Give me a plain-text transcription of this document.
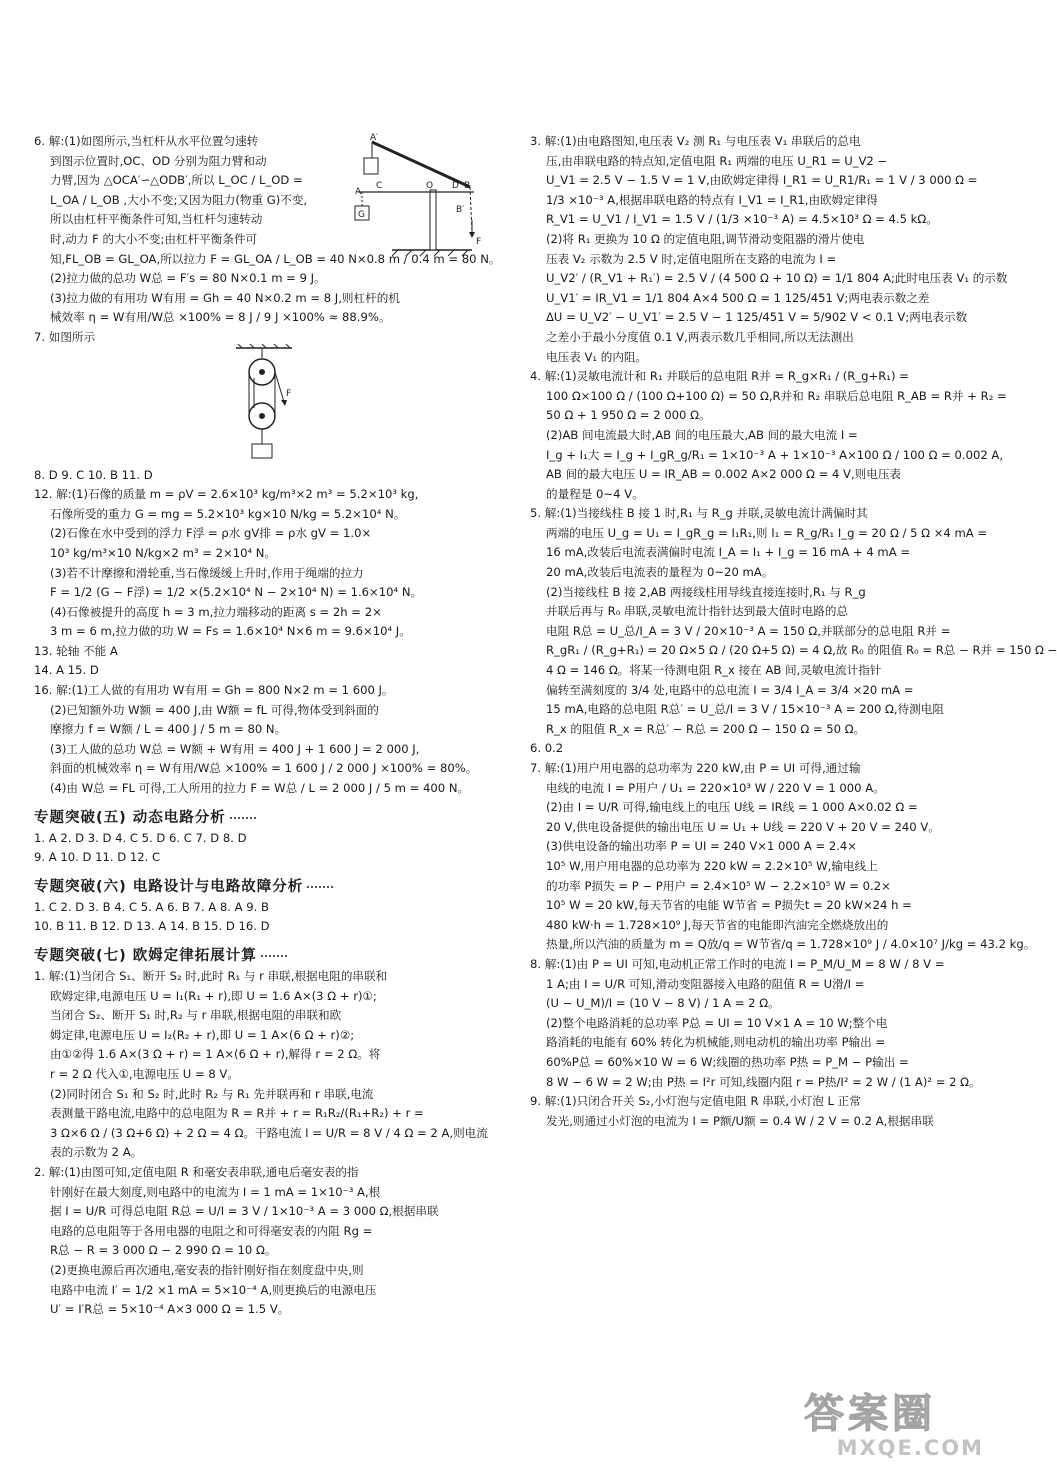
6. 解:(1)如图所示,当杠杆从水平位置匀速转
到图示位置时,OC、OD 分别为阻力臂和动
力臂,因为 △OCA′∽△ODB′,所以 L_OC / L_OD =
L_OA / L_OB ,大小不变;又因为阻力(物重 G)不变,
所以由杠杆平衡条件可知,当杠杆匀速转动
时,动力 F 的大小不变;由杠杆平衡条件可
A′
O
C	D B
B′
F
G
A
知,FL_OB = GL_OA,所以拉力 F = GL_OA / L_OB = 40 N×0.8 m / 0.4 m = 80 N。
(2)拉力做的总功 W总 = F′s = 80 N×0.1 m = 9 J。
(3)拉力做的有用功 W有用 = Gh = 40 N×0.2 m = 8 J,则杠杆的机
械效率 η = W有用/W总 ×100% = 8 J / 9 J ×100% ≈ 88.9%。
7. 如图所示
F
8. D 9. C 10. B 11. D
12. 解:(1)石像的质量 m = ρV = 2.6×10³ kg/m³×2 m³ = 5.2×10³ kg,
石像所受的重力 G = mg = 5.2×10³ kg×10 N/kg = 5.2×10⁴ N。
(2)石像在水中受到的浮力 F浮 = ρ水 gV排 = ρ水 gV = 1.0×
10³ kg/m³×10 N/kg×2 m³ = 2×10⁴ N。
(3)若不计摩擦和滑轮重,当石像缓缓上升时,作用于绳端的拉力
F = 1/2 (G − F浮) = 1/2 ×(5.2×10⁴ N − 2×10⁴ N) = 1.6×10⁴ N。
(4)石像被提升的高度 h = 3 m,拉力端移动的距离 s = 2h = 2×
3 m = 6 m,拉力做的功 W = Fs = 1.6×10⁴ N×6 m = 9.6×10⁴ J。
13. 轮轴 不能 A
14. A 15. D
16. 解:(1)工人做的有用功 W有用 = Gh = 800 N×2 m = 1 600 J。
(2)已知额外功 W额 = 400 J,由 W额 = fL 可得,物体受到斜面的
摩擦力 f = W额 / L = 400 J / 5 m = 80 N。
(3)工人做的总功 W总 = W额 + W有用 = 400 J + 1 600 J = 2 000 J,
斜面的机械效率 η = W有用/W总 ×100% = 1 600 J / 2 000 J ×100% = 80%。
(4)由 W总 = FL 可得,工人所用的拉力 F = W总 / L = 2 000 J / 5 m = 400 N。
专题突破(五) 动态电路分析
1. A 2. D 3. D 4. C 5. D 6. C 7. D 8. D
9. A 10. D 11. D 12. C
专题突破(六) 电路设计与电路故障分析
1. C 2. D 3. B 4. C 5. A 6. B 7. A 8. A 9. B
10. B 11. B 12. D 13. A 14. B 15. D 16. D
专题突破(七) 欧姆定律拓展计算
1. 解:(1)当闭合 S₁、断开 S₂ 时,此时 R₁ 与 r 串联,根据电阻的串联和
欧姆定律,电源电压 U = I₁(R₁ + r),即 U = 1.6 A×(3 Ω + r)①;
当闭合 S₂、断开 S₁ 时,R₂ 与 r 串联,根据电阻的串联和欧
姆定律,电源电压 U = I₂(R₂ + r),即 U = 1 A×(6 Ω + r)②;
由①②得 1.6 A×(3 Ω + r) = 1 A×(6 Ω + r),解得 r = 2 Ω。将
r = 2 Ω 代入①,电源电压 U = 8 V。
(2)同时闭合 S₁ 和 S₂ 时,此时 R₂ 与 R₁ 先并联再和 r 串联,电流
表测量干路电流,电路中的总电阻为 R = R并 + r = R₁R₂/(R₁+R₂) + r =
3 Ω×6 Ω / (3 Ω+6 Ω) + 2 Ω = 4 Ω。干路电流 I = U/R = 8 V / 4 Ω = 2 A,则电流
表的示数为 2 A。
2. 解:(1)由图可知,定值电阻 R 和毫安表串联,通电后毫安表的指
针刚好在最大刻度,则电路中的电流为 I = 1 mA = 1×10⁻³ A,根
据 I = U/R 可得总电阻 R总 = U/I = 3 V / 1×10⁻³ A = 3 000 Ω,根据串联
电路的总电阻等于各用电器的电阻之和可得毫安表的内阻 Rg =
R总 − R = 3 000 Ω − 2 990 Ω = 10 Ω。
(2)更换电源后再次通电,毫安表的指针刚好指在刻度盘中央,则
电路中电流 I′ = 1/2 ×1 mA = 5×10⁻⁴ A,则更换后的电源电压
U′ = I′R总 = 5×10⁻⁴ A×3 000 Ω = 1.5 V。
3. 解:(1)由电路图知,电压表 V₂ 测 R₁ 与电压表 V₁ 串联后的总电
压,由串联电路的特点知,定值电阻 R₁ 两端的电压 U_R1 = U_V2 −
U_V1 = 2.5 V − 1.5 V = 1 V,由欧姆定律得 I_R1 = U_R1/R₁ = 1 V / 3 000 Ω =
1/3 ×10⁻³ A,根据串联电路的特点有 I_V1 = I_R1,由欧姆定律得
R_V1 = U_V1 / I_V1 = 1.5 V / (1/3 ×10⁻³ A) = 4.5×10³ Ω = 4.5 kΩ。
(2)将 R₁ 更换为 10 Ω 的定值电阻,调节滑动变阻器的滑片使电
压表 V₂ 示数为 2.5 V 时,定值电阻所在支路的电流为 I =
U_V2′ / (R_V1 + R₁′) = 2.5 V / (4 500 Ω + 10 Ω) = 1/1 804 A;此时电压表 V₁ 的示数
U_V1′ = IR_V1 = 1/1 804 A×4 500 Ω = 1 125/451 V;两电表示数之差
ΔU = U_V2′ − U_V1′ = 2.5 V − 1 125/451 V = 5/902 V < 0.1 V;两电表示数
之差小于最小分度值 0.1 V,两表示数几乎相同,所以无法测出
电压表 V₁ 的内阻。
4. 解:(1)灵敏电流计和 R₁ 并联后的总电阻 R并 = R_g×R₁ / (R_g+R₁) =
100 Ω×100 Ω / (100 Ω+100 Ω) = 50 Ω,R并和 R₂ 串联后总电阻 R_AB = R并 + R₂ =
50 Ω + 1 950 Ω = 2 000 Ω。
(2)AB 间电流最大时,AB 间的电压最大,AB 间的最大电流 I =
I_g + I₁大 = I_g + I_gR_g/R₁ = 1×10⁻³ A + 1×10⁻³ A×100 Ω / 100 Ω = 0.002 A,
AB 间的最大电压 U = IR_AB = 0.002 A×2 000 Ω = 4 V,则电压表
的量程是 0~4 V。
5. 解:(1)当接线柱 B 接 1 时,R₁ 与 R_g 并联,灵敏电流计满偏时其
两端的电压 U_g = U₁ = I_gR_g = I₁R₁,则 I₁ = R_g/R₁ I_g = 20 Ω / 5 Ω ×4 mA =
16 mA,改装后电流表满偏时电流 I_A = I₁ + I_g = 16 mA + 4 mA =
20 mA,改装后电流表的量程为 0~20 mA。
(2)当接线柱 B 接 2,AB 两接线柱用导线直接连接时,R₁ 与 R_g
并联后再与 R₀ 串联,灵敏电流计指针达到最大值时电路的总
电阻 R总 = U_总/I_A = 3 V / 20×10⁻³ A = 150 Ω,并联部分的总电阻 R并 =
R_gR₁ / (R_g+R₁) = 20 Ω×5 Ω / (20 Ω+5 Ω) = 4 Ω,故 R₀ 的阻值 R₀ = R总 − R并 = 150 Ω −
4 Ω = 146 Ω。将某一待测电阻 R_x 接在 AB 间,灵敏电流计指针
偏转至满刻度的 3/4 处,电路中的总电流 I = 3/4 I_A = 3/4 ×20 mA =
15 mA,电路的总电阻 R总′ = U_总/I = 3 V / 15×10⁻³ A = 200 Ω,待测电阻
R_x 的阻值 R_x = R总′ − R总 = 200 Ω − 150 Ω = 50 Ω。
6. 0.2
7. 解:(1)用户用电器的总功率为 220 kW,由 P = UI 可得,通过输
电线的电流 I = P用户 / U₁ = 220×10³ W / 220 V = 1 000 A。
(2)由 I = U/R 可得,输电线上的电压 U线 = IR线 = 1 000 A×0.02 Ω =
20 V,供电设备提供的输出电压 U = U₁ + U线 = 220 V + 20 V = 240 V。
(3)供电设备的输出功率 P = UI = 240 V×1 000 A = 2.4×
10⁵ W,用户用电器的总功率为 220 kW = 2.2×10⁵ W,输电线上
的功率 P损失 = P − P用户 = 2.4×10⁵ W − 2.2×10⁵ W = 0.2×
10⁵ W = 20 kW,每天节省的电能 W节省 = P损失t = 20 kW×24 h =
480 kW·h = 1.728×10⁹ J,每天节省的电能即汽油完全燃烧放出的
热量,所以汽油的质量为 m = Q放/q = W节省/q = 1.728×10⁹ J / 4.0×10⁷ J/kg = 43.2 kg。
8. 解:(1)由 P = UI 可知,电动机正常工作时的电流 I = P_M/U_M = 8 W / 8 V =
1 A;由 I = U/R 可知,滑动变阻器接入电路的阻值 R = U滑/I =
(U − U_M)/I = (10 V − 8 V) / 1 A = 2 Ω。
(2)整个电路消耗的总功率 P总 = UI = 10 V×1 A = 10 W;整个电
路消耗的电能有 60% 转化为机械能,则电动机的输出功率 P输出 =
60%P总 = 60%×10 W = 6 W;线圈的热功率 P热 = P_M − P输出 =
8 W − 6 W = 2 W;由 P热 = I²r 可知,线圈内阻 r = P热/I² = 2 W / (1 A)² = 2 Ω。
9. 解:(1)只闭合开关 S₂,小灯泡与定值电阻 R 串联,小灯泡 L 正常
发光,则通过小灯泡的电流为 I = P额/U额 = 0.4 W / 2 V = 0.2 A,根据串联
答案圈
MXQE.COM
